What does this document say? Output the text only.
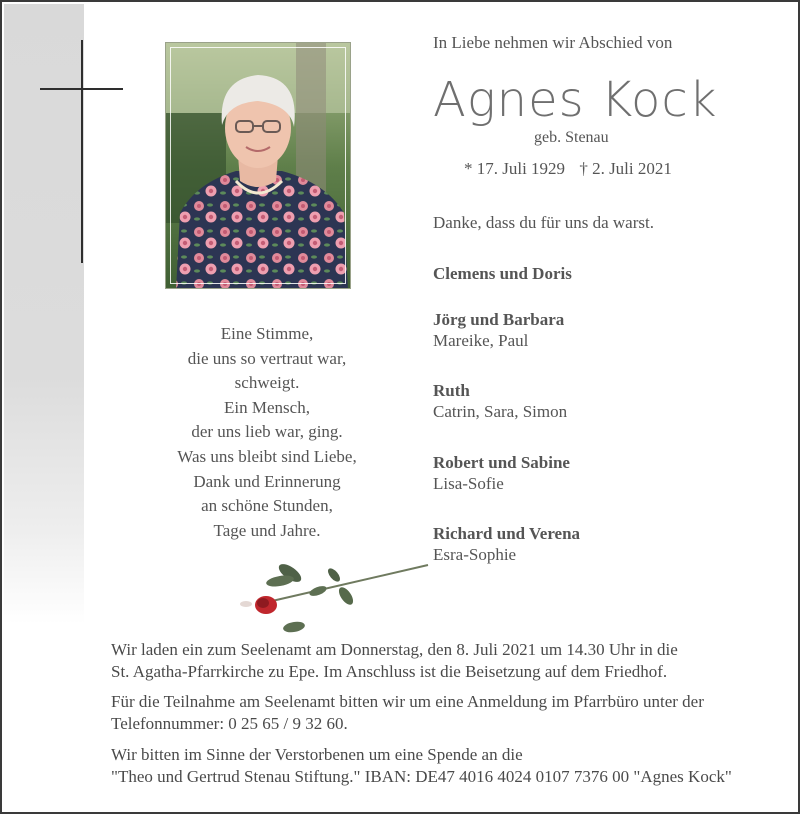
In Liebe nehmen wir Abschied von
Agnes Kock
geb. Stenau
* 17. Juli 1929 † 2. Juli 2021
Danke, dass du für uns da warst.
Clemens und Doris
Jörg und Barbara
Mareike, Paul
Ruth
Catrin, Sara, Simon
Robert und Sabine
Lisa-Sofie
Richard und Verena
Esra-Sophie
Eine Stimme,
die uns so vertraut war,
schweigt.
Ein Mensch,
der uns lieb war, ging.
Was uns bleibt sind Liebe,
Dank und Erinnerung
an schöne Stunden,
Tage und Jahre.
Wir laden ein zum Seelenamt am Donnerstag, den 8. Juli 2021 um 14.30 Uhr in die
St. Agatha-Pfarrkirche zu Epe. Im Anschluss ist die Beisetzung auf dem Friedhof.
Für die Teilnahme am Seelenamt bitten wir um eine Anmeldung im Pfarrbüro unter der
Telefonnummer: 0 25 65 / 9 32 60.
Wir bitten im Sinne der Verstorbenen um eine Spende an die
"Theo und Gertrud Stenau Stiftung." IBAN: DE47 4016 4024 0107 7376 00 "Agnes Kock"
